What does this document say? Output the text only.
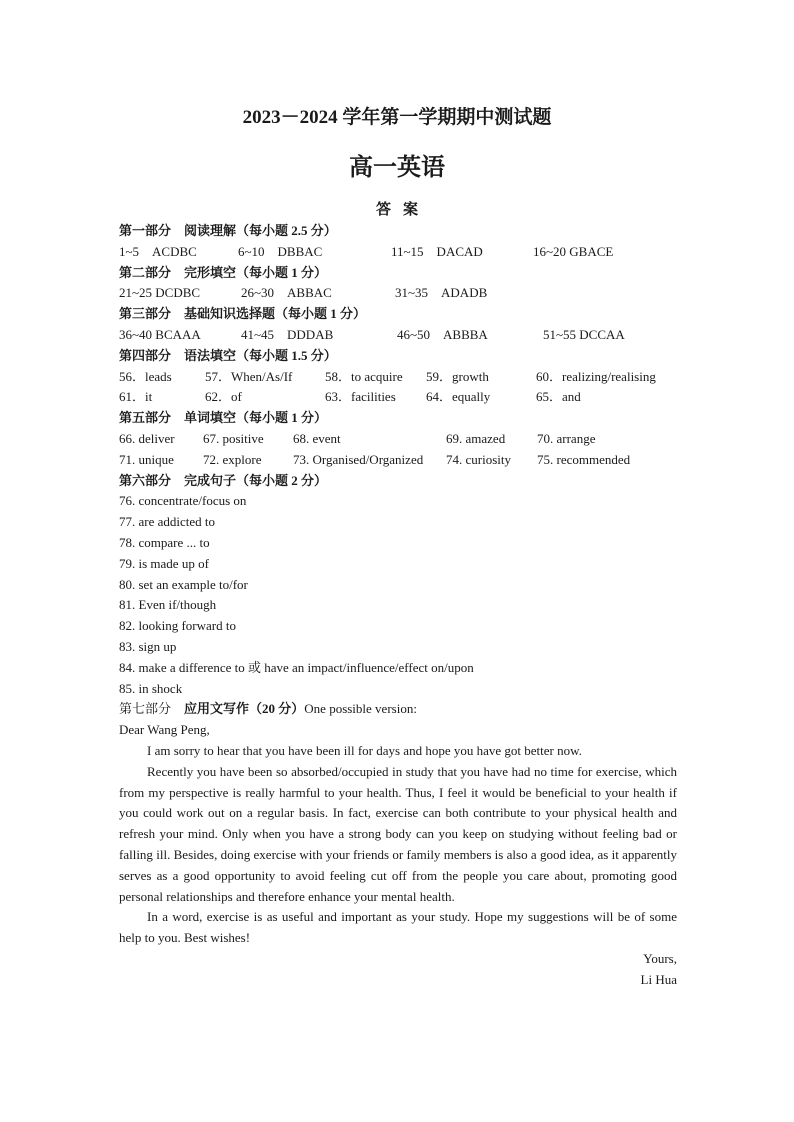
2023－2024 学年第一学期期中测试题
高一英语
答案
第一部分　阅读理解（每小题 2.5 分）
1~5　ACDBC	6~10　DBBAC	11~15　DACAD	16~20 GBACE
第二部分　完形填空（每小题 1 分）
21~25 DCDBC	26~30　ABBAC	31~35　ADADB
第三部分　基础知识选择题（每小题 1 分）
36~40 BCAAA	41~45　DDDAB	46~50　ABBBA	51~55 DCCAA
第四部分　语法填空（每小题 1.5 分）
56．leads	57．When/As/If	58．to acquire 59．growth	60．realizing/realising
61．it	62．of	63．facilities 64．equally	65．and
第五部分　单词填空（每小题 1 分）
66. deliver 67. positive 68. event	69. amazed 70. arrange
71. unique 72. explore 73. Organised/Organized 74. curiosity 75. recommended
第六部分　完成句子（每小题 2 分）
76. concentrate/focus on
77. are addicted to
78. compare ... to
79. is made up of
80. set an example to/for
81. Even if/though
82. looking forward to
83. sign up
84. make a difference to 或 have an impact/influence/effect on/upon
85. in shock
第七部分　应用文写作（20 分）One possible version:
Dear Wang Peng,

I am sorry to hear that you have been ill for days and hope you have got better now.

Recently you have been so absorbed/occupied in study that you have had no time for exercise, which from my perspective is really harmful to your health. Thus, I feel it would be beneficial to your health if you could work out on a regular basis. In fact, exercise can both contribute to your physical health and refresh your mind. Only when you have a strong body can you keep on studying without feeling bad or falling ill. Besides, doing exercise with your friends or family members is also a good idea, as it apparently serves as a good opportunity to avoid feeling cut off from the people you care about, promoting good personal relationships and therefore enhance your mental health.

In a word, exercise is as useful and important as your study. Hope my suggestions will be of some help to you. Best wishes!

Yours,
Li Hua
